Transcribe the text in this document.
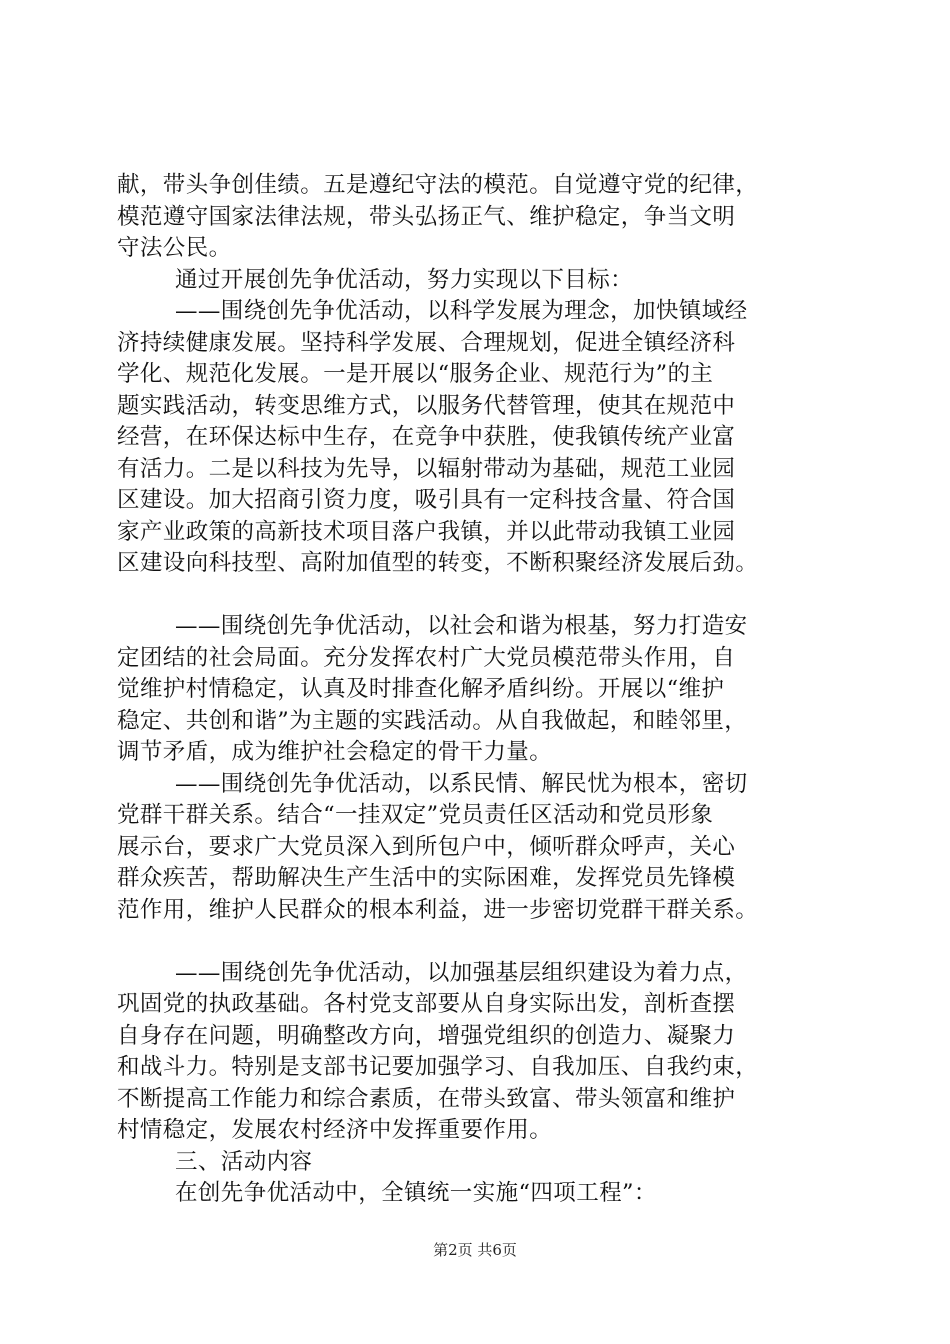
献，带头争创佳绩。五是遵纪守法的模范。自觉遵守党的纪律，
模范遵守国家法律法规，带头弘扬正气、维护稳定，争当文明
守法公民。
通过开展创先争优活动，努力实现以下目标：
——围绕创先争优活动，以科学发展为理念，加快镇域经
济持续健康发展。坚持科学发展、合理规划，促进全镇经济科
学化、规范化发展。一是开展以“服务企业、规范行为”的主
题实践活动，转变思维方式，以服务代替管理，使其在规范中
经营，在环保达标中生存，在竞争中获胜，使我镇传统产业富
有活力。二是以科技为先导，以辐射带动为基础，规范工业园
区建设。加大招商引资力度，吸引具有一定科技含量、符合国
家产业政策的高新技术项目落户我镇，并以此带动我镇工业园
区建设向科技型、高附加值型的转变，不断积聚经济发展后劲。
——围绕创先争优活动，以社会和谐为根基，努力打造安
定团结的社会局面。充分发挥农村广大党员模范带头作用，自
觉维护村情稳定，认真及时排查化解矛盾纠纷。开展以“维护
稳定、共创和谐”为主题的实践活动。从自我做起，和睦邻里，
调节矛盾，成为维护社会稳定的骨干力量。
——围绕创先争优活动，以系民情、解民忧为根本，密切
党群干群关系。结合“一挂双定”党员责任区活动和党员形象
展示台，要求广大党员深入到所包户中，倾听群众呼声，关心
群众疾苦，帮助解决生产生活中的实际困难，发挥党员先锋模
范作用，维护人民群众的根本利益，进一步密切党群干群关系。
——围绕创先争优活动，以加强基层组织建设为着力点，
巩固党的执政基础。各村党支部要从自身实际出发，剖析查摆
自身存在问题，明确整改方向，增强党组织的创造力、凝聚力
和战斗力。特别是支部书记要加强学习、自我加压、自我约束，
不断提高工作能力和综合素质，在带头致富、带头领富和维护
村情稳定，发展农村经济中发挥重要作用。
三、活动内容
在创先争优活动中，全镇统一实施“四项工程”：
第2页 共6页
